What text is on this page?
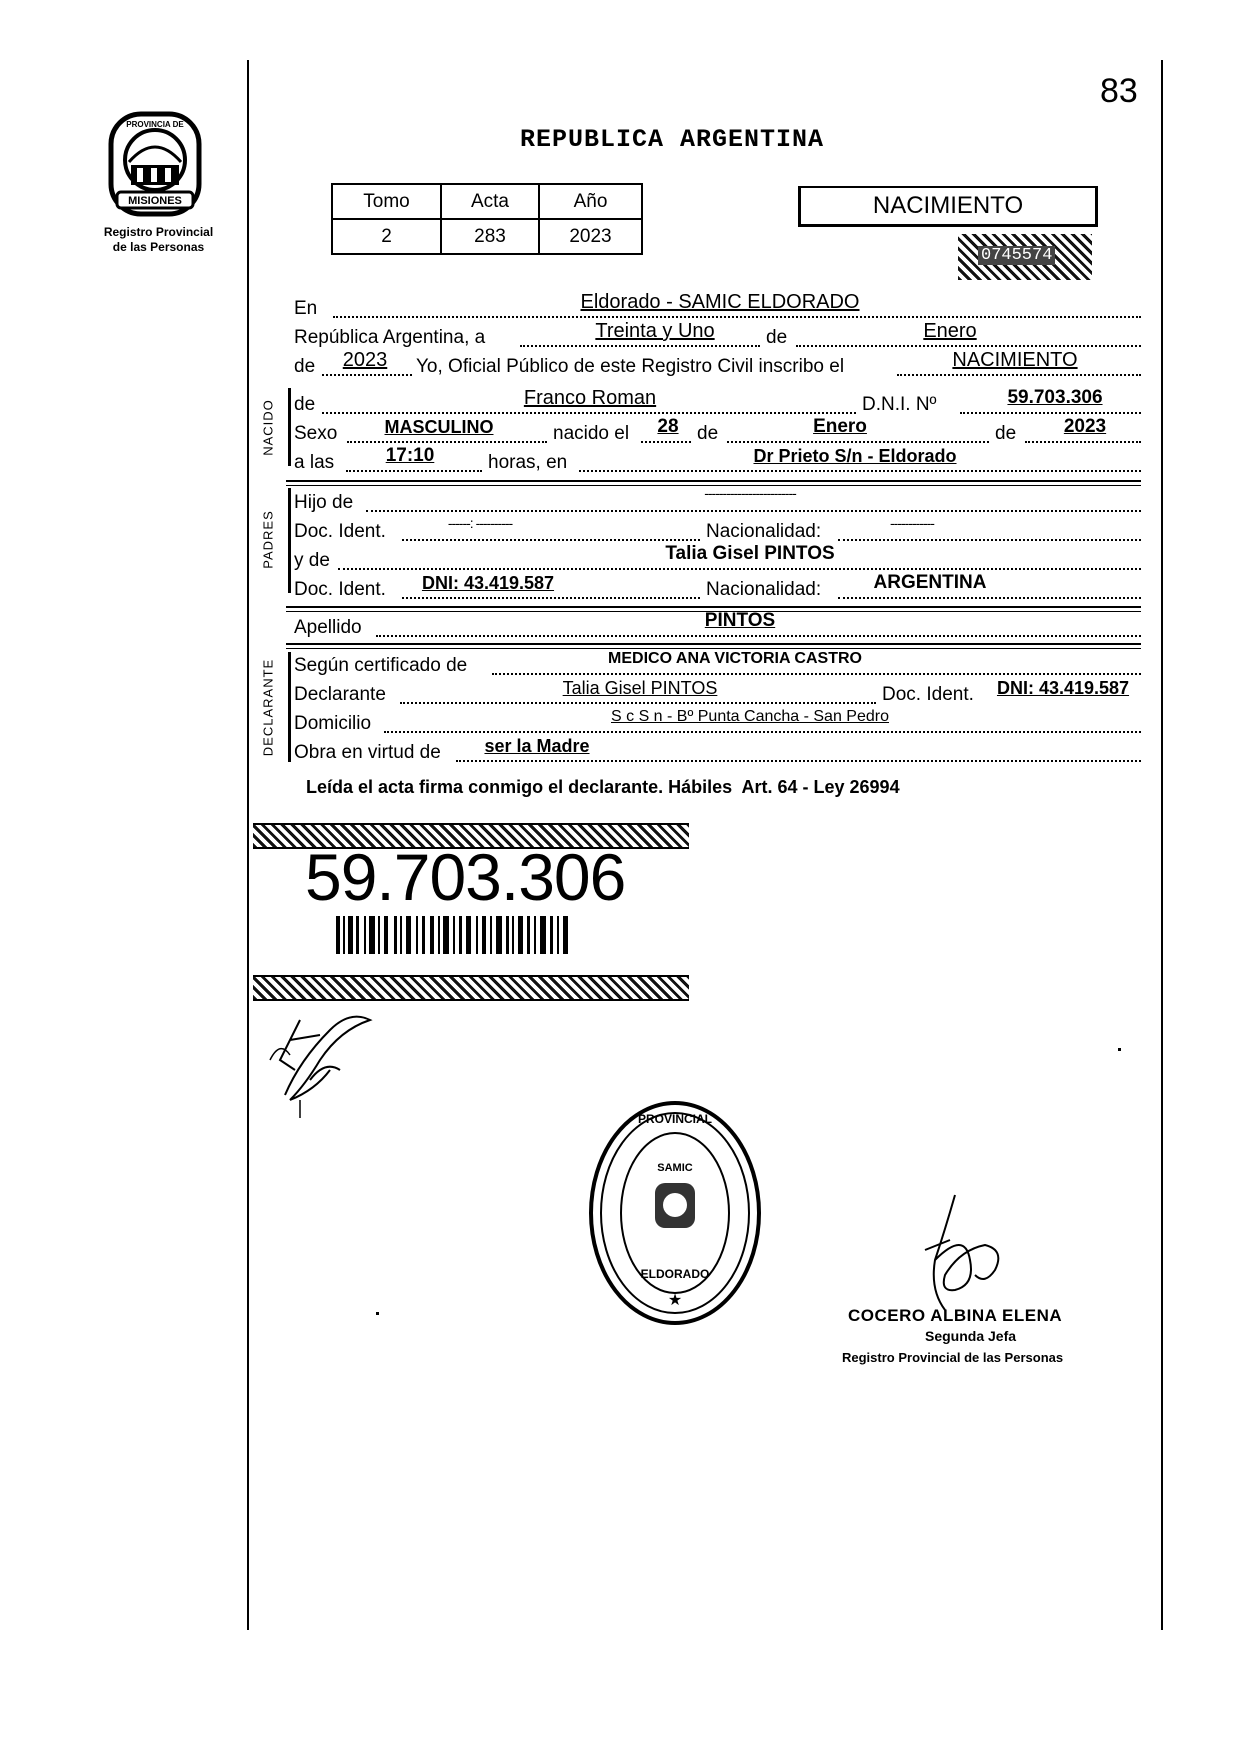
83
MISIONES
PROVINCIA DE
Registro Provincial
de las Personas
REPUBLICA ARGENTINA
Tomo	Acta	Año
2	283	2023
NACIMIENTO
0745574
En	Eldorado - SAMIC ELDORADO
República Argentina, a	Treinta y Uno	de	Enero
de	2023	Yo, Oficial Público de este Registro Civil inscribo el	NACIMIENTO
NACIDO de	Franco Roman	D.N.I. Nº	59.703.306
Sexo	MASCULINO	nacido el	28 de	Enero	de	2023
a las	17:10	horas, en	Dr Prieto S/n - Eldorado
PADRES
Hijo de	-------------------------
Doc. Ident.	------: ----------	Nacionalidad:	------------
y de	Talia Gisel PINTOS
Doc. Ident.	DNI: 43.419.587	Nacionalidad:	ARGENTINA
Apellido	PINTOS
DECLARANTE Según certificado de	MEDICO ANA VICTORIA CASTRO
Declarante	Talia Gisel PINTOS	Doc. Ident.	DNI: 43.419.587
Domicilio	S c S n - Bº Punta Cancha - San Pedro
Obra en virtud de	ser la Madre
Leída el acta firma conmigo el declarante. Hábiles  Art. 64 - Ley 26994
59.703.306
PROVINCIAL
ELDORADO
SAMIC
★
COCERO ALBINA ELENA
Segunda Jefa
Registro Provincial de las Personas
